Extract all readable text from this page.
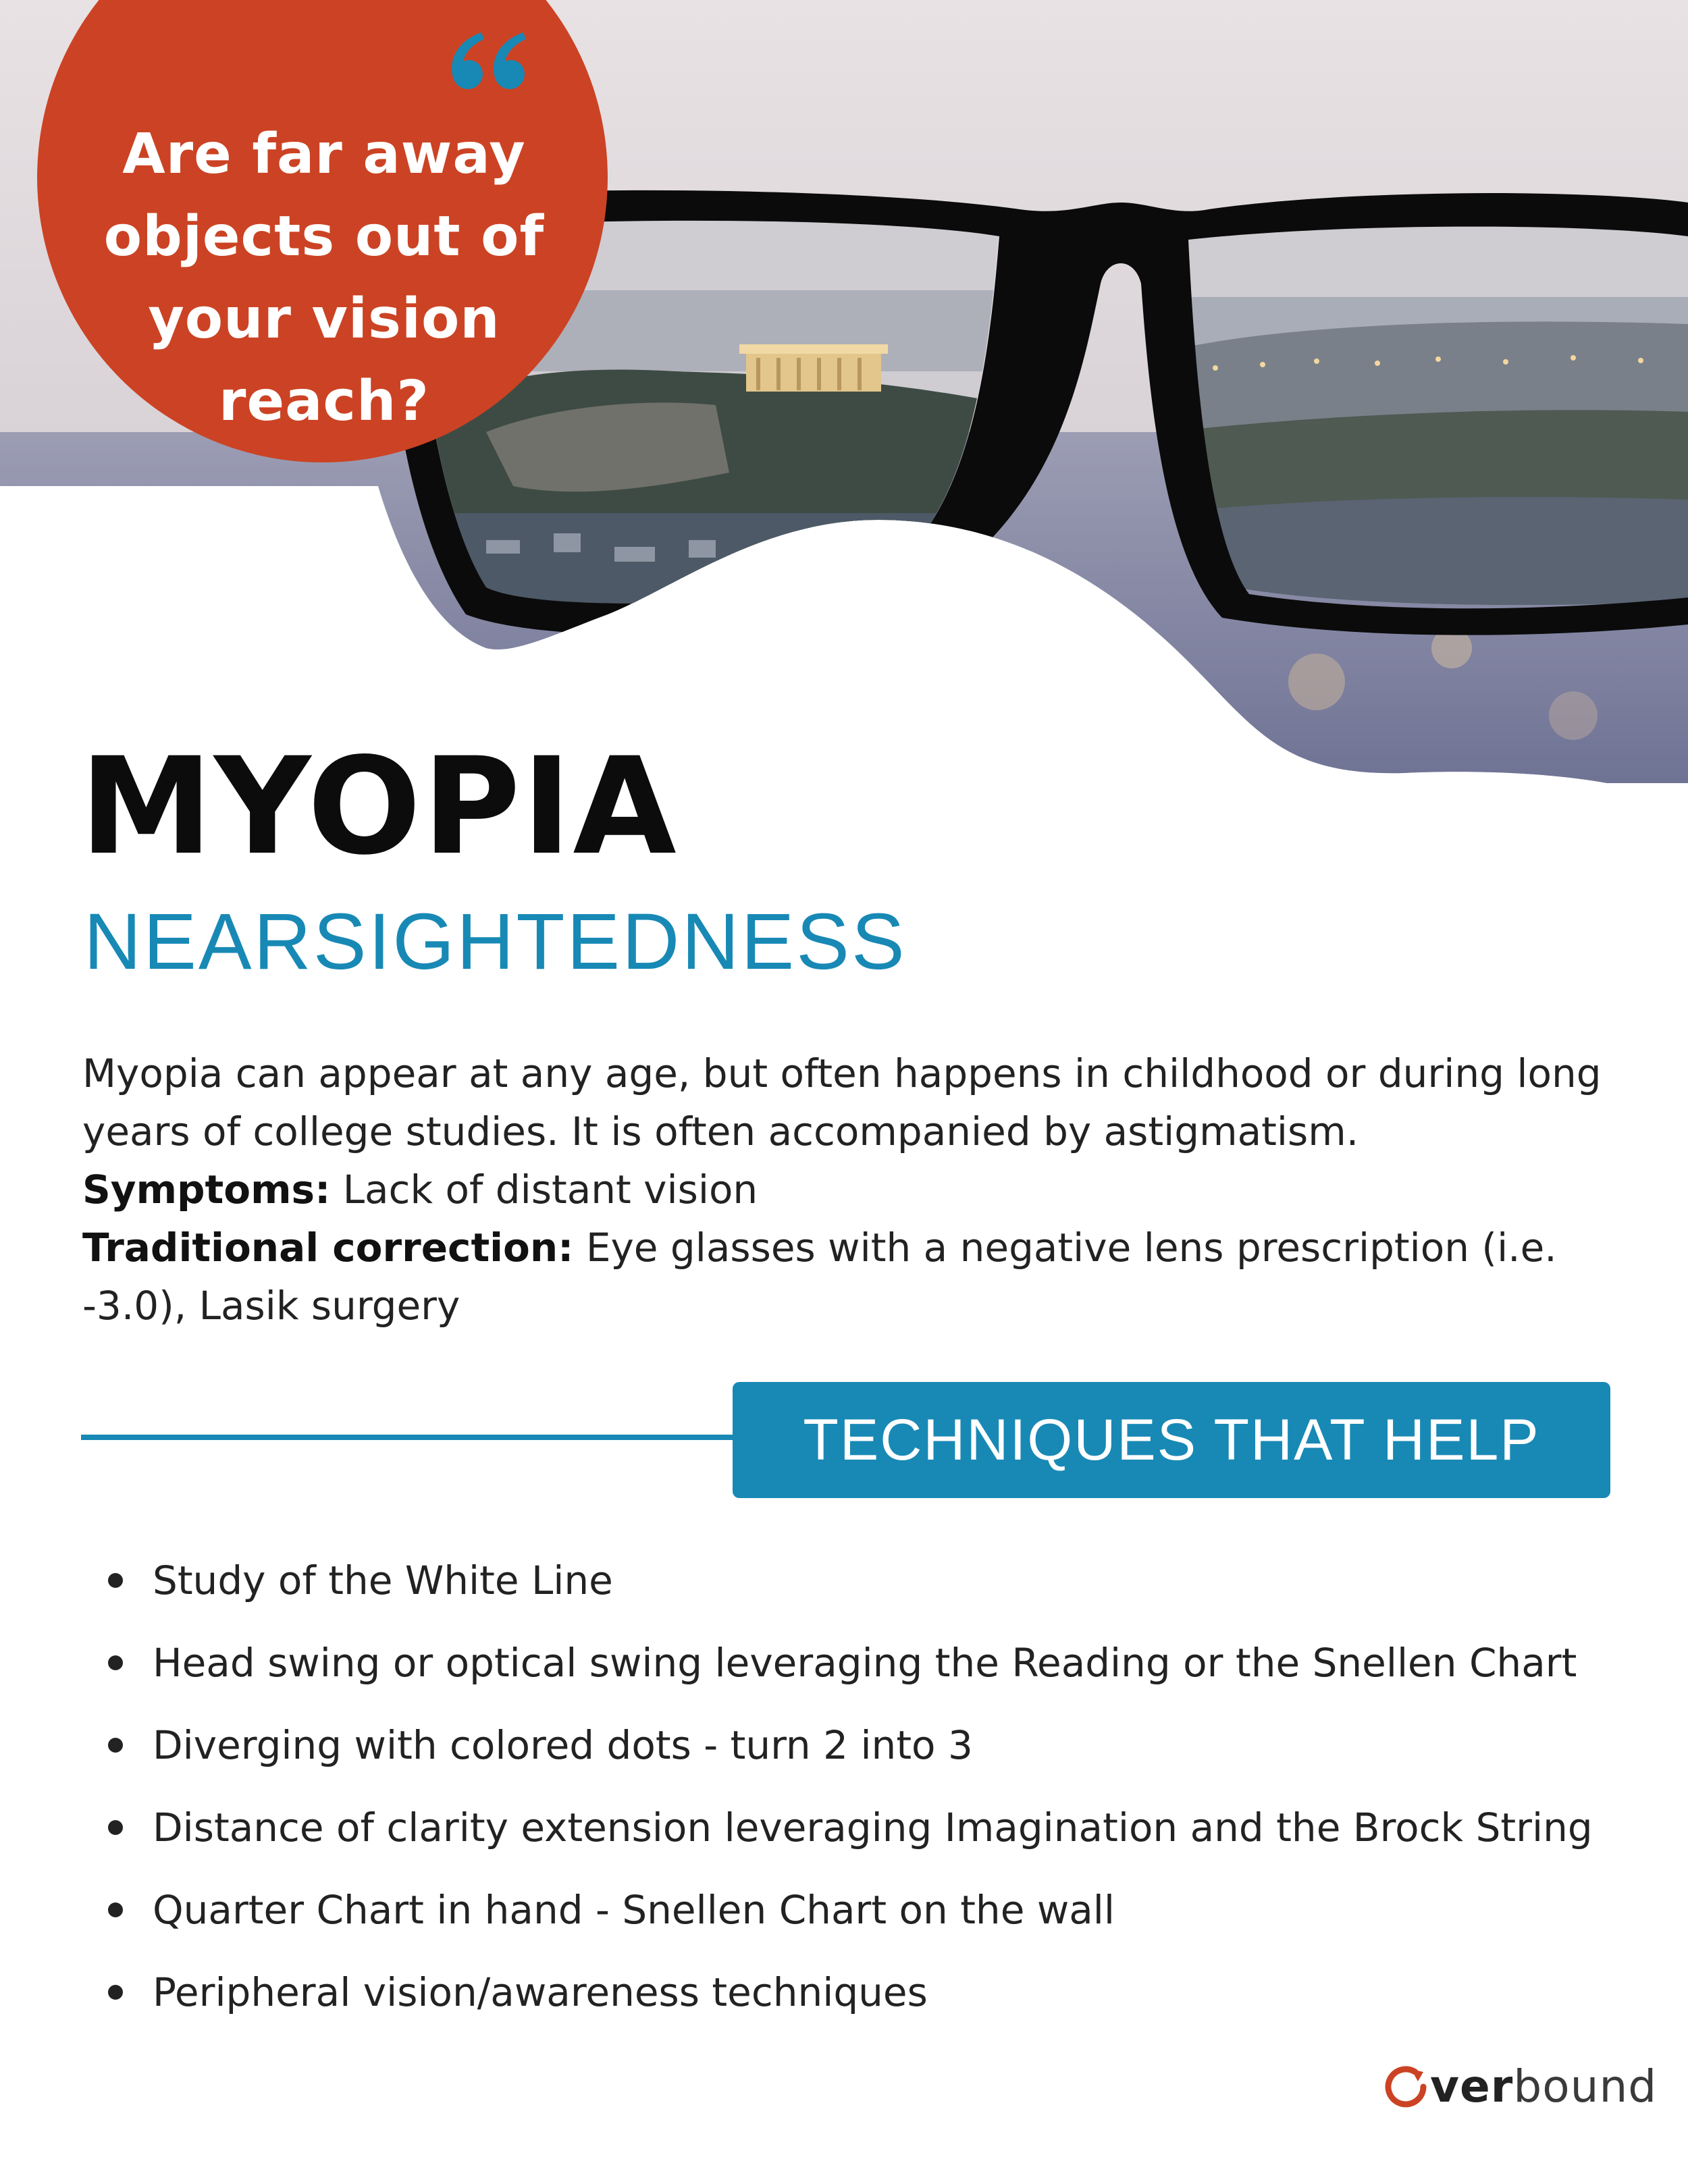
Are far away objects out of your vision reach?
MYOPIA
NEARSIGHTEDNESS

Myopia can appear at any age, but often happens in childhood or during long years of college studies. It is often accompanied by astigmatism.

Symptoms: Lack of distant vision

Traditional correction: Eye glasses with a negative lens prescription (i.e. -3.0), Lasik surgery

TECHNIQUES THAT HELP
Study of the White Line
Head swing or optical swing leveraging the Reading or the Snellen Chart
Diverging with colored dots - turn 2 into 3
Distance of clarity extension leveraging Imagination and the Brock String
Quarter Chart in hand - Snellen Chart on the wall
Peripheral vision/awareness techniques
verbound
